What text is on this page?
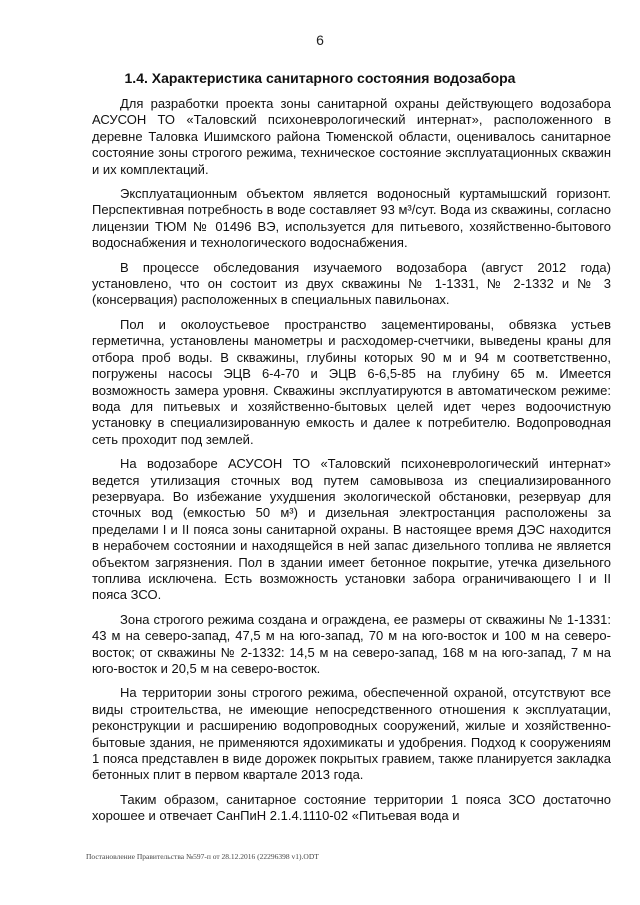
6
1.4. Характеристика санитарного состояния водозабора

Для разработки проекта зоны санитарной охраны действующего водозабора АСУСОН ТО «Таловский психоневрологический интернат», расположенного в деревне Таловка Ишимского района Тюменской области, оценивалось санитарное состояние зоны строгого режима, техническое состояние эксплуатационных скважин и их комплектаций.

Эксплуатационным объектом является водоносный куртамышский горизонт. Перспективная потребность в воде составляет 93 м³/сут. Вода из скважины, согласно лицензии ТЮМ № 01496 ВЭ, используется для питьевого, хозяйственно-бытового водоснабжения и технологического водоснабжения.

В процессе обследования изучаемого водозабора (август 2012 года) установлено, что он состоит из двух скважины № 1-1331, № 2-1332 и № 3 (консервация) расположенных в специальных павильонах.

Пол и околоустьевое пространство зацементированы, обвязка устьев герметична, установлены манометры и расходомер-счетчики, выведены краны для отбора проб воды. В скважины, глубины которых 90 м и 94 м соответственно, погружены насосы ЭЦВ 6-4-70 и ЭЦВ 6-6,5-85 на глубину 65 м. Имеется возможность замера уровня. Скважины эксплуатируются в автоматическом режиме: вода для питьевых и хозяйственно-бытовых целей идет через водоочистную установку в специализированную емкость и далее к потребителю. Водопроводная сеть проходит под землей.

На водозаборе АСУСОН ТО «Таловский психоневрологический интернат» ведется утилизация сточных вод путем самовывоза из специализированного резервуара. Во избежание ухудшения экологической обстановки, резервуар для сточных вод (емкостью 50 м³) и дизельная электростанция расположены за пределами I и II пояса зоны санитарной охраны. В настоящее время ДЭС находится в нерабочем состоянии и находящейся в ней запас дизельного топлива не является объектом загрязнения. Пол в здании имеет бетонное покрытие, утечка дизельного топлива исключена. Есть возможность установки забора ограничивающего I и II пояса ЗСО.

Зона строгого режима создана и ограждена, ее размеры от скважины № 1-1331: 43 м на северо-запад, 47,5 м на юго-запад, 70 м на юго-восток и 100 м на северо-восток; от скважины № 2-1332: 14,5 м на северо-запад, 168 м на юго-запад, 7 м на юго-восток и 20,5 м на северо-восток.

На территории зоны строгого режима, обеспеченной охраной, отсутствуют все виды строительства, не имеющие непосредственного отношения к эксплуатации, реконструкции и расширению водопроводных сооружений, жилые и хозяйственно-бытовые здания, не применяются ядохимикаты и удобрения. Подход к сооружениям 1 пояса представлен в виде дорожек покрытых гравием, также планируется закладка бетонных плит в первом квартале 2013 года.

Таким образом, санитарное состояние территории 1 пояса ЗСО достаточно хорошее и отвечает СанПиН 2.1.4.1110-02 «Питьевая вода и

Постановление Правительства №597-п от 28.12.2016 (22296398 v1).ODT
